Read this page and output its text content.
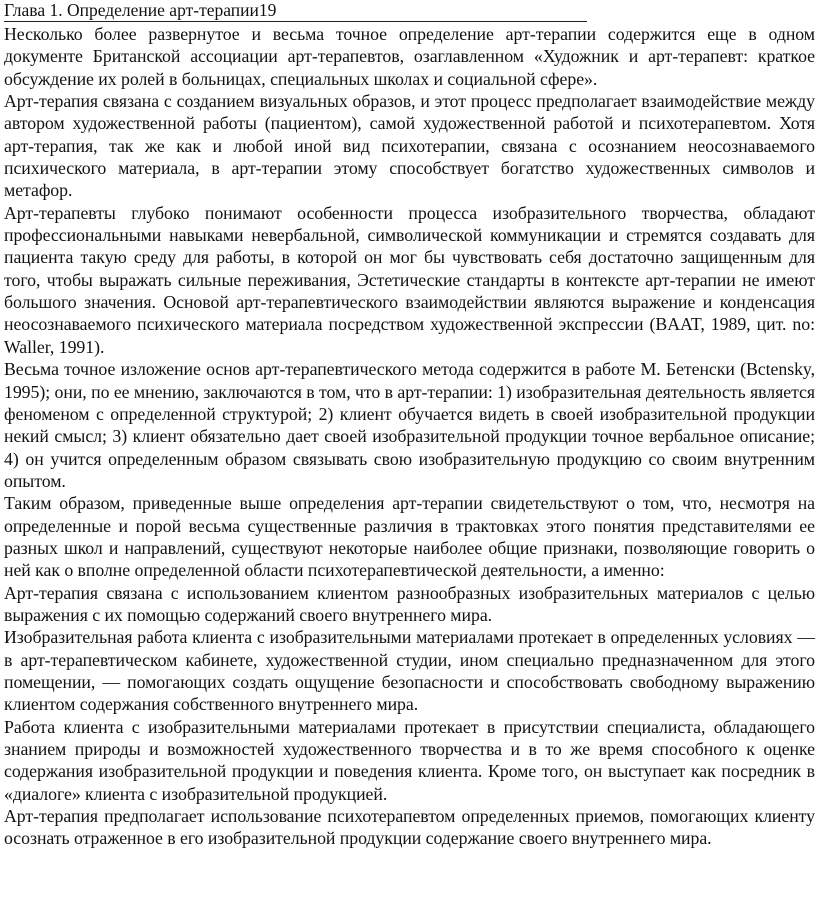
Глава 1. Определение арт-терапии19

Несколько более развернутое и весьма точное определение арт-терапии содержится еще в одном документе Британской ассоциации арт-терапевтов, озаглавленном «Художник и арт-терапевт: краткое обсуждение их ролей в больницах, специальных школах и социальной сфере».

Арт-терапия связана с созданием визуальных образов, и этот процесс предполагает взаимодействие между автором художественной работы (пациентом), самой художественной работой и психотерапевтом. Хотя арт-терапия, так же как и любой иной вид психотерапии, связана с осознанием неосознаваемого психического материала, в арт-терапии этому способствует богатство художественных символов и метафор.

Арт-терапевты глубоко понимают особенности процесса изобразительного творчества, обладают профессиональными навыками невербальной, символической коммуникации и стремятся создавать для пациента такую среду для работы, в которой он мог бы чувствовать себя достаточно защищенным для того, чтобы выражать сильные переживания, Эстетические стандарты в контексте арт-терапии не имеют большого значения. Основой арт-терапевтического взаимодействии являются выражение и конденсация неосознаваемого психического материала посредством художественной экспрессии (BAAT, 1989, цит. no: Waller, 1991).

Весьма точное изложение основ арт-терапевтического метода содержится в работе М. Бетенски (Bctensky, 1995); они, по ее мнению, заключаются в том, что в арт-терапии: 1) изобразительная деятельность является феноменом с определенной структурой; 2) клиент обучается видеть в своей изобразительной продукции некий смысл; 3) клиент обязательно дает своей изобразительной продукции точное вербальное описание; 4) он учится определенным образом связывать свою изобразительную продукцию со своим внутренним опытом.

Таким образом, приведенные выше определения арт-терапии свидетельствуют о том, что, несмотря на определенные и порой весьма существенные различия в трактовках этого понятия представителями ее разных школ и направлений, существуют некоторые наиболее общие признаки, позволяющие говорить о ней как о вполне определенной области психотерапевтической деятельности, а именно:

Арт-терапия связана с использованием клиентом разнообразных изобразительных материалов с целью выражения с их помощью содержаний своего внутреннего мира.

Изобразительная работа клиента с изобразительными материалами протекает в определенных условиях — в арт-терапевтическом кабинете, художественной студии, ином специально предназначенном для этого помещении, — помогающих создать ощущение безопасности и способствовать свободному выражению клиентом содержания собственного внутреннего мира.

Работа клиента с изобразительными материалами протекает в присутствии специалиста, обладающего знанием природы и возможностей художественного творчества и в то же время способного к оценке содержания изобразительной продукции и поведения клиента. Кроме того, он выступает как посредник в «диалоге» клиента с изобразительной продукцией.

Арт-терапия предполагает использование психотерапевтом определенных приемов, помогающих клиенту осознать отраженное в его изобразительной продукции содержание своего внутреннего мира.
